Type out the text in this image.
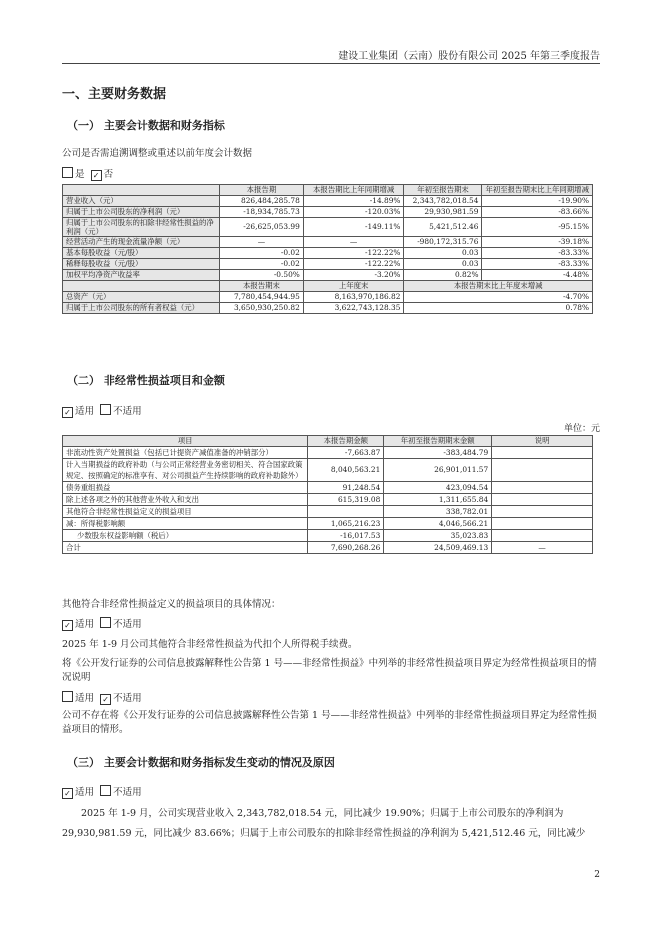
建设工业集团（云南）股份有限公司 2025 年第三季度报告
一、主要财务数据
（一） 主要会计数据和财务指标
公司是否需追溯调整或重述以前年度会计数据
是 ✓ 否
	本报告期	本报告期比上年同期增减	年初至报告期末	年初至报告期末比上年同期增减
营业收入（元）	826,484,285.78	-14.89%	2,343,782,018.54	-19.90%
归属于上市公司股东的净利润（元）	-18,934,785.73	-120.03%	29,930,981.59	-83.66%
归属于上市公司股东的扣除非经常性损益的净利润（元）	-26,625,053.99	-149.11%	5,421,512.46	-95.15%
经营活动产生的现金流量净额（元）	—	—	-980,172,315.76	-39.18%
基本每股收益（元/股）	-0.02	-122.22%	0.03	-83.33%
稀释每股收益（元/股）	-0.02	-122.22%	0.03	-83.33%
加权平均净资产收益率	-0.50%	-3.20%	0.82%	-4.48%
	本报告期末	上年度末	本报告期末比上年度末增减	
总资产（元）	7,780,454,944.95	8,163,970,186.82	-4.70%	
归属于上市公司股东的所有者权益（元）	3,650,930,250.82	3,622,743,128.35	0.78%	
（二） 非经常性损益项目和金额
✓ 适用 不适用
单位：元
项目	本报告期金额	年初至报告期期末金额	说明
非流动性资产处置损益（包括已计提资产减值准备的冲销部分）	-7,663.87	-383,484.79	
计入当期损益的政府补助（与公司正常经营业务密切相关、符合国家政策规定、按照确定的标准享有、对公司损益产生持续影响的政府补助除外）	8,040,563.21	26,901,011.57	
债务重组损益	91,248.54	423,094.54	
除上述各项之外的其他营业外收入和支出	615,319.08	1,311,655.84	
其他符合非经常性损益定义的损益项目		338,782.01	
减：所得税影响额	1,065,216.23	4,046,566.21	
少数股东权益影响额（税后）	-16,017.53	35,023.83	
合计	7,690,268.26	24,509,469.13	—
其他符合非经常性损益定义的损益项目的具体情况：
✓ 适用 不适用
2025 年 1-9 月公司其他符合非经常性损益为代扣个人所得税手续费。
将《公开发行证券的公司信息披露解释性公告第 1 号——非经常性损益》中列举的非经常性损益项目界定为经常性损益项目的情况说明
适用 ✓ 不适用
公司不存在将《公开发行证券的公司信息披露解释性公告第 1 号——非经常性损益》中列举的非经常性损益项目界定为经常性损益项目的情形。
（三） 主要会计数据和财务指标发生变动的情况及原因
✓ 适用 不适用
2025 年 1-9 月，公司实现营业收入 2,343,782,018.54 元，同比减少 19.90%；归属于上市公司股东的净利润为 29,930,981.59 元，同比减少 83.66%；归属于上市公司股东的扣除非经常性损益的净利润为 5,421,512.46 元，同比减少
2
